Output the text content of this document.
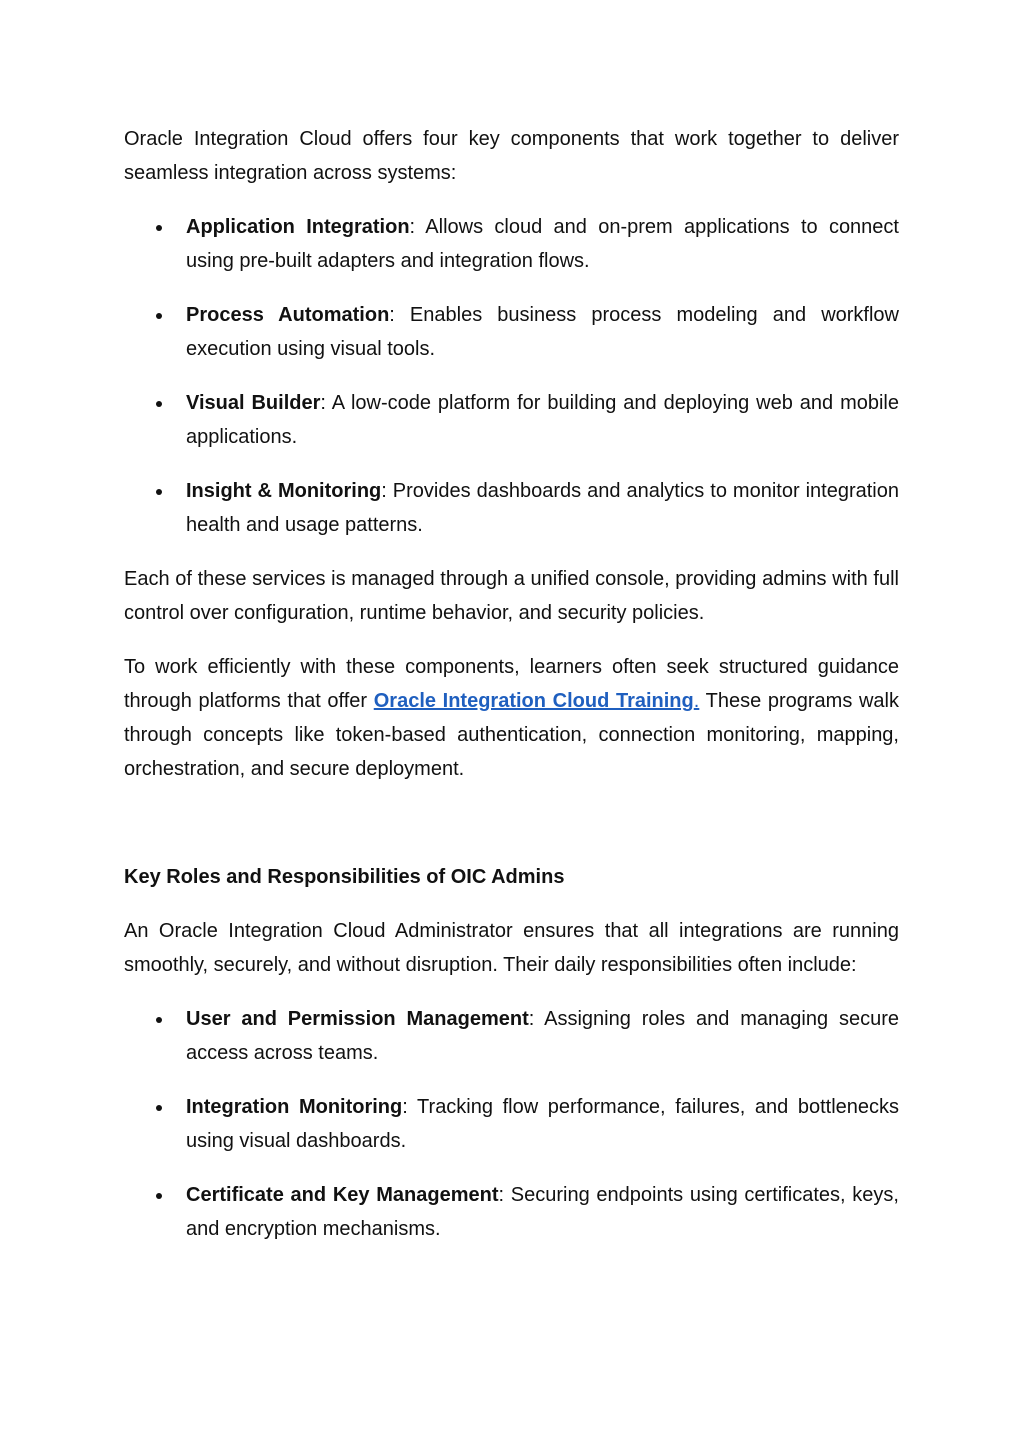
Oracle Integration Cloud offers four key components that work together to deliver seamless integration across systems:

Application Integration: Allows cloud and on-prem applications to connect using pre-built adapters and integration flows.
Process Automation: Enables business process modeling and workflow execution using visual tools.
Visual Builder: A low-code platform for building and deploying web and mobile applications.
Insight & Monitoring: Provides dashboards and analytics to monitor integration health and usage patterns.

Each of these services is managed through a unified console, providing admins with full control over configuration, runtime behavior, and security policies.

To work efficiently with these components, learners often seek structured guidance through platforms that offer Oracle Integration Cloud Training. These programs walk through concepts like token-based authentication, connection monitoring, mapping, orchestration, and secure deployment.

Key Roles and Responsibilities of OIC Admins

An Oracle Integration Cloud Administrator ensures that all integrations are running smoothly, securely, and without disruption. Their daily responsibilities often include:

User and Permission Management: Assigning roles and managing secure access across teams.
Integration Monitoring: Tracking flow performance, failures, and bottlenecks using visual dashboards.
Certificate and Key Management: Securing endpoints using certificates, keys, and encryption mechanisms.
